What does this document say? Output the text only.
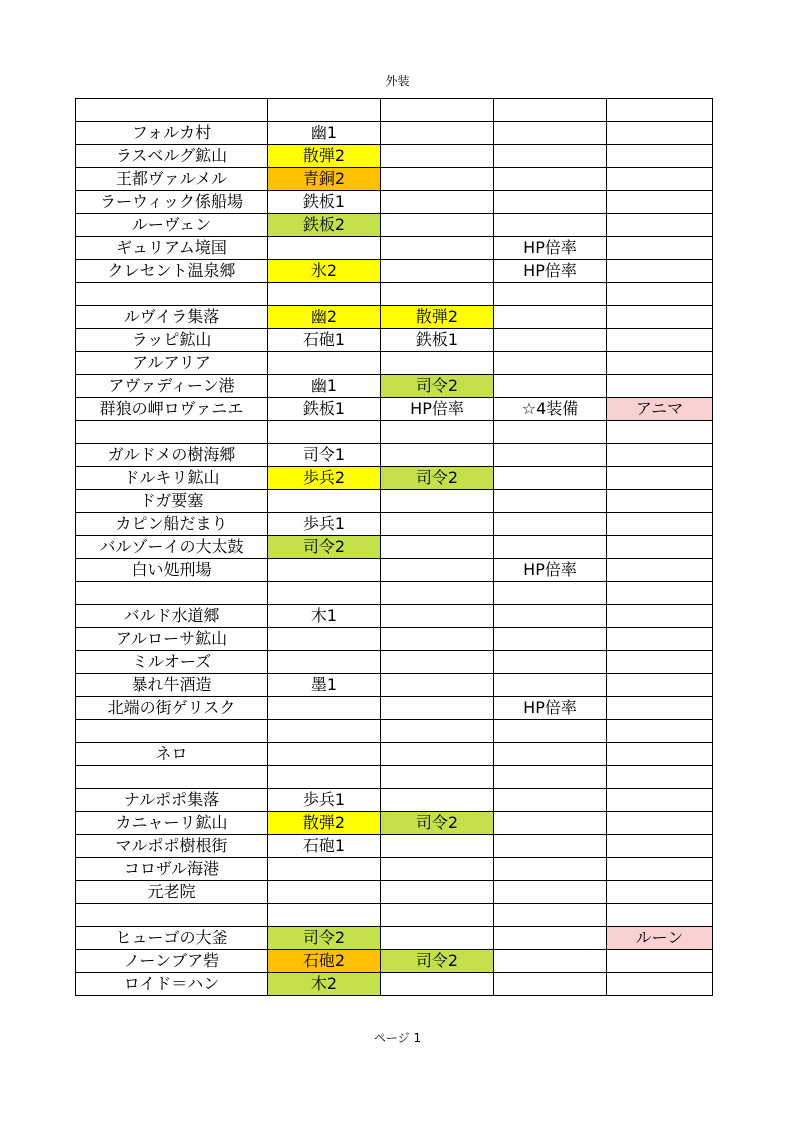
外装

フォルカ村	幽1			
ラスベルグ鉱山	散弾2			
王都ヴァルメル	青銅2			
ラーウィック係船場	鉄板1			
ルーヴェン	鉄板2			
ギュリアム境国			HP倍率	
クレセント温泉郷	氷2		HP倍率	

ルヴイラ集落	幽2	散弾2		
ラッピ鉱山	石砲1	鉄板1		
アルアリア				
アヴァディーン港	幽1	司令2		
群狼の岬ロヴァニエ	鉄板1	HP倍率	☆4装備	アニマ

ガルドメの樹海郷	司令1			
ドルキリ鉱山	歩兵2	司令2		
ドガ要塞				
カピン船だまり	歩兵1			
バルゾーイの大太鼓	司令2			
白い処刑場			HP倍率	

バルド水道郷	木1			
アルローサ鉱山				
ミルオーズ				
暴れ牛酒造	墨1			
北端の街ゲリスク			HP倍率	

ネロ				

ナルポポ集落	歩兵1			
カニャーリ鉱山	散弾2	司令2		
マルポポ樹根街	石砲1			
コロザル海港				
元老院				

ヒューゴの大釜	司令2			ルーン
ノーンブア砦	石砲2	司令2		
ロイド＝ハン	木2			
ページ 1
